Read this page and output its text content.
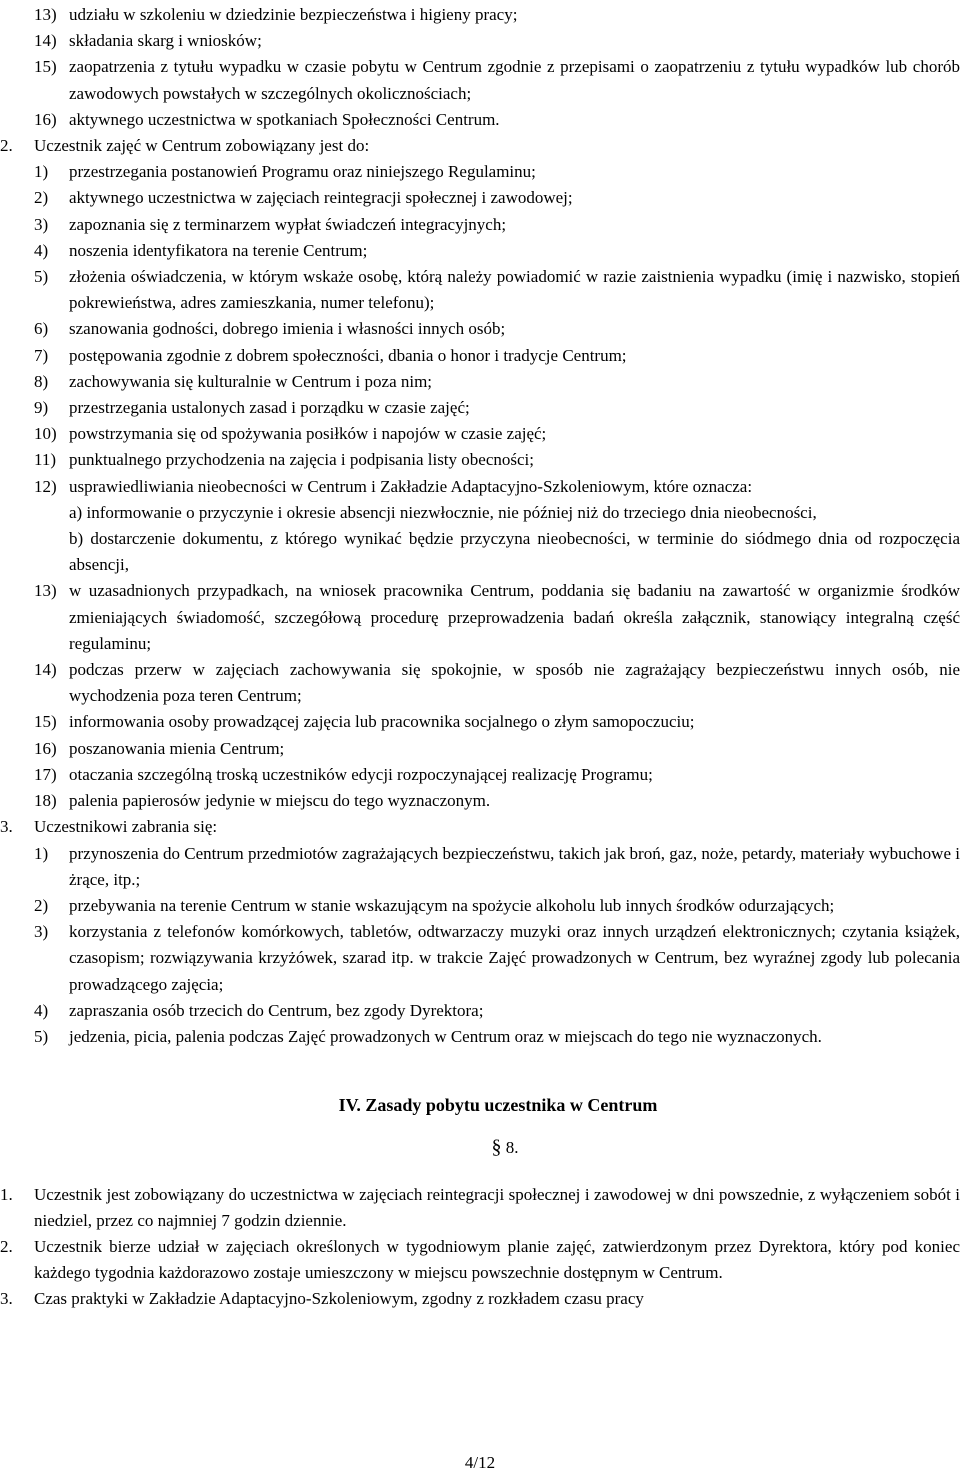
13) udziału w szkoleniu w dziedzinie bezpieczeństwa i higieny pracy;
14) składania skarg i wniosków;
15) zaopatrzenia z tytułu wypadku w czasie pobytu w Centrum zgodnie z przepisami o zaopatrzeniu z tytułu wypadków lub chorób zawodowych powstałych w szczególnych okolicznościach;
16) aktywnego uczestnictwa w spotkaniach Społeczności Centrum.
2. Uczestnik zajęć w Centrum zobowiązany jest do:
1) przestrzegania postanowień Programu oraz niniejszego Regulaminu;
2) aktywnego uczestnictwa w zajęciach reintegracji społecznej i zawodowej;
3) zapoznania się z terminarzem wypłat świadczeń integracyjnych;
4) noszenia identyfikatora na terenie Centrum;
5) złożenia oświadczenia, w którym wskaże osobę, którą należy powiadomić w razie zaistnienia wypadku (imię i nazwisko, stopień pokrewieństwa, adres zamieszkania, numer telefonu);
6) szanowania godności, dobrego imienia i własności innych osób;
7) postępowania zgodnie z dobrem społeczności, dbania o honor i tradycje Centrum;
8) zachowywania się kulturalnie w Centrum i poza nim;
9) przestrzegania ustalonych zasad i porządku w czasie zajęć;
10) powstrzymania się od spożywania posiłków i napojów w czasie zajęć;
11) punktualnego przychodzenia na zajęcia i podpisania listy obecności;
12) usprawiedliwiania nieobecności w Centrum i Zakładzie Adaptacyjno-Szkoleniowym, które oznacza:
a) informowanie o przyczynie i okresie absencji niezwłocznie, nie później niż do trzeciego dnia nieobecności,
b) dostarczenie dokumentu, z którego wynikać będzie przyczyna nieobecności, w terminie do siódmego dnia od rozpoczęcia absencji,
13) w uzasadnionych przypadkach, na wniosek pracownika Centrum, poddania się badaniu na zawartość w organizmie środków zmieniających świadomość, szczegółową procedurę przeprowadzenia badań określa załącznik, stanowiący integralną część regulaminu;
14) podczas przerw w zajęciach zachowywania się spokojnie, w sposób nie zagrażający bezpieczeństwu innych osób, nie wychodzenia poza teren Centrum;
15) informowania osoby prowadzącej zajęcia lub pracownika socjalnego o złym samopoczuciu;
16) poszanowania mienia Centrum;
17) otaczania szczególną troską uczestników edycji rozpoczynającej realizację Programu;
18) palenia papierosów jedynie w miejscu do tego wyznaczonym.
3. Uczestnikowi zabrania się:
1) przynoszenia do Centrum przedmiotów zagrażających bezpieczeństwu, takich jak broń, gaz, noże, petardy, materiały wybuchowe i żrące, itp.;
2) przebywania na terenie Centrum w stanie wskazującym na spożycie alkoholu lub innych środków odurzających;
3) korzystania z telefonów komórkowych, tabletów, odtwarzaczy muzyki oraz innych urządzeń elektronicznych; czytania książek, czasopism; rozwiązywania krzyżówek, szarad itp. w trakcie Zajęć prowadzonych w Centrum, bez wyraźnej zgody lub polecania prowadzącego zajęcia;
4) zapraszania osób trzecich do Centrum, bez zgody Dyrektora;
5) jedzenia, picia, palenia podczas Zajęć prowadzonych w Centrum oraz w miejscach do tego nie wyznaczonych.
IV. Zasady pobytu uczestnika w Centrum
§ 8.
1. Uczestnik jest zobowiązany do uczestnictwa w zajęciach reintegracji społecznej i zawodowej w dni powszednie, z wyłączeniem sobót i niedziel, przez co najmniej 7 godzin dziennie.
2. Uczestnik bierze udział w zajęciach określonych w tygodniowym planie zajęć, zatwierdzonym przez Dyrektora, który pod koniec każdego tygodnia każdorazowo zostaje umieszczony w miejscu powszechnie dostępnym w Centrum.
3. Czas praktyki w Zakładzie Adaptacyjno-Szkoleniowym, zgodny z rozkładem czasu pracy
4/12
